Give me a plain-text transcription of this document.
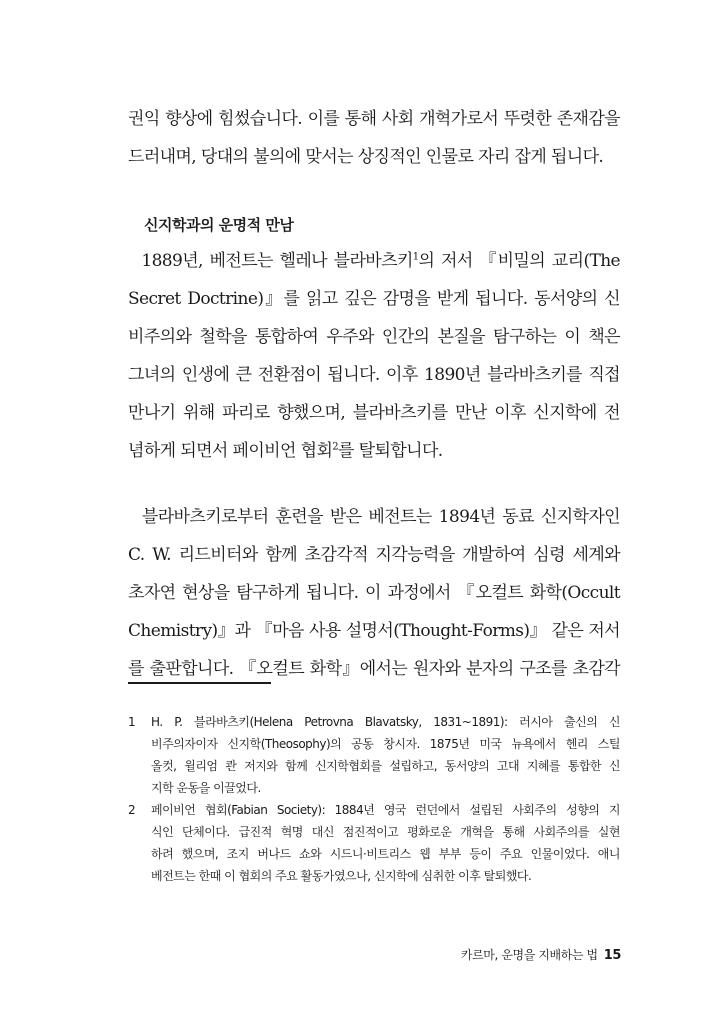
권익 향상에 힘썼습니다. 이를 통해 사회 개혁가로서 뚜렷한 존재감을
드러내며, 당대의 불의에 맞서는 상징적인 인물로 자리 잡게 됩니다.
신지학과의 운명적 만남
1889년, 베전트는 헬레나 블라바츠키$^1$의 저서 『비밀의 교리(The
Secret Doctrine)』를 읽고 깊은 감명을 받게 됩니다. 동서양의 신
비주의와 철학을 통합하여 우주와 인간의 본질을 탐구하는 이 책은
그녀의 인생에 큰 전환점이 됩니다. 이후 1890년 블라바츠키를 직접
만나기 위해 파리로 향했으며, 블라바츠키를 만난 이후 신지학에 전
념하게 되면서 페이비언 협회$^2$를 탈퇴합니다.
블라바츠키로부터 훈련을 받은 베전트는 1894년 동료 신지학자인
C. W. 리드비터와 함께 초감각적 지각능력을 개발하여 심령 세계와
초자연 현상을 탐구하게 됩니다. 이 과정에서 『오컬트 화학(Occult
Chemistry)』과 『마음 사용 설명서(Thought-Forms)』 같은 저서
를 출판합니다. 『오컬트 화학』에서는 원자와 분자의 구조를 초감각
1 H. P. 블라바츠키(Helena Petrovna Blavatsky, 1831~1891): 러시아 출신의 신
비주의자이자 신지학(Theosophy)의 공동 창시자. 1875년 미국 뉴욕에서 헨리 스틸
올컷, 윌리엄 콴 저지와 함께 신지학협회를 설립하고, 동서양의 고대 지혜를 통합한 신
지학 운동을 이끌었다.
2 페이비언 협회(Fabian Society): 1884년 영국 런던에서 설립된 사회주의 성향의 지
식인 단체이다. 급진적 혁명 대신 점진적이고 평화로운 개혁을 통해 사회주의를 실현
하려 했으며, 조지 버나드 쇼와 시드니·비트리스 웹 부부 등이 주요 인물이었다. 애니
베전트는 한때 이 협회의 주요 활동가였으나, 신지학에 심취한 이후 탈퇴했다.
카르마, 운명을 지배하는 법 15
